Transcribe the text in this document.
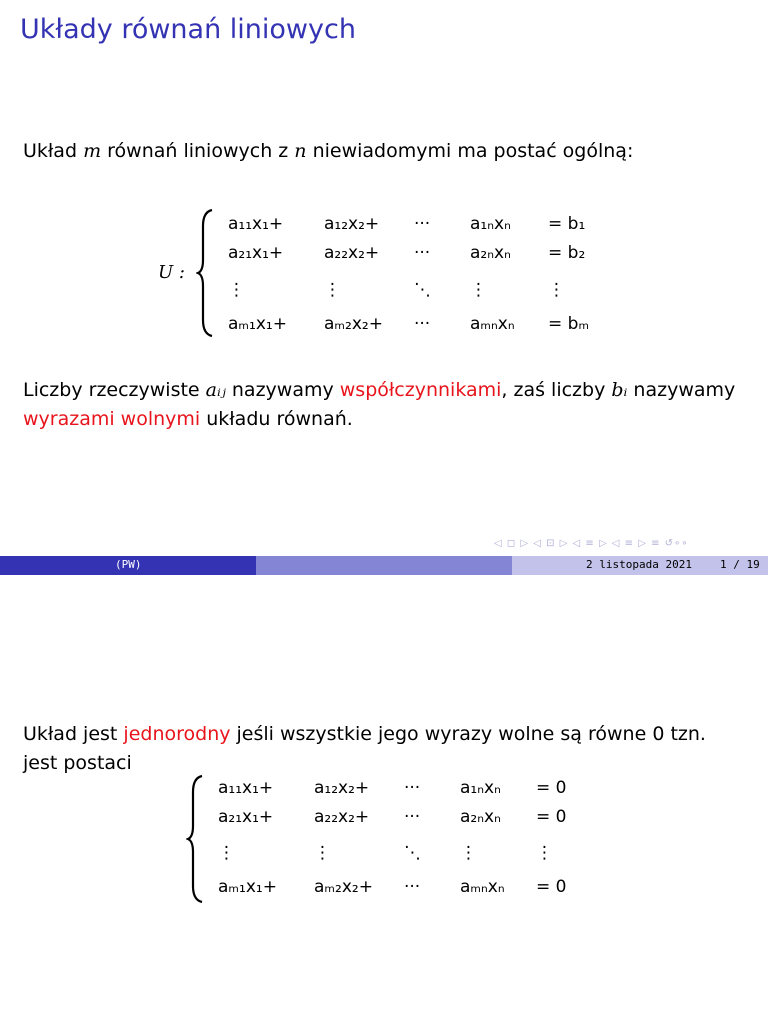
Układy równań liniowych
Układ m równań liniowych z n niewiadomymi ma postać ogólną:
U :
a₁₁x₁+ a₁₂x₂+ ··· a₁ₙxₙ = b₁
a₂₁x₁+ a₂₂x₂+ ··· a₂ₙxₙ = b₂
⋮	⋮	⋱ ⋮	⋮
aₘ₁x₁+ aₘ₂x₂+ ··· aₘₙxₙ = bₘ
Liczby rzeczywiste aᵢⱼ nazywamy współczynnikami, zaś liczby bᵢ nazywamy
wyrazami wolnymi układu równań.
◁ ◻ ▷ ◁ ⊡ ▷ ◁ ≡ ▷ ◁ ≡ ▷ ≡ ↺∘∘
(PW)	2 listopada 2021	1 / 19
Układ jest jednorodny jeśli wszystkie jego wyrazy wolne są równe 0 tzn.
jest postaci
a₁₁x₁+ a₁₂x₂+ ··· a₁ₙxₙ = 0
a₂₁x₁+ a₂₂x₂+ ··· a₂ₙxₙ = 0
⋮	⋮	⋱ ⋮	⋮
aₘ₁x₁+ aₘ₂x₂+ ··· aₘₙxₙ = 0
